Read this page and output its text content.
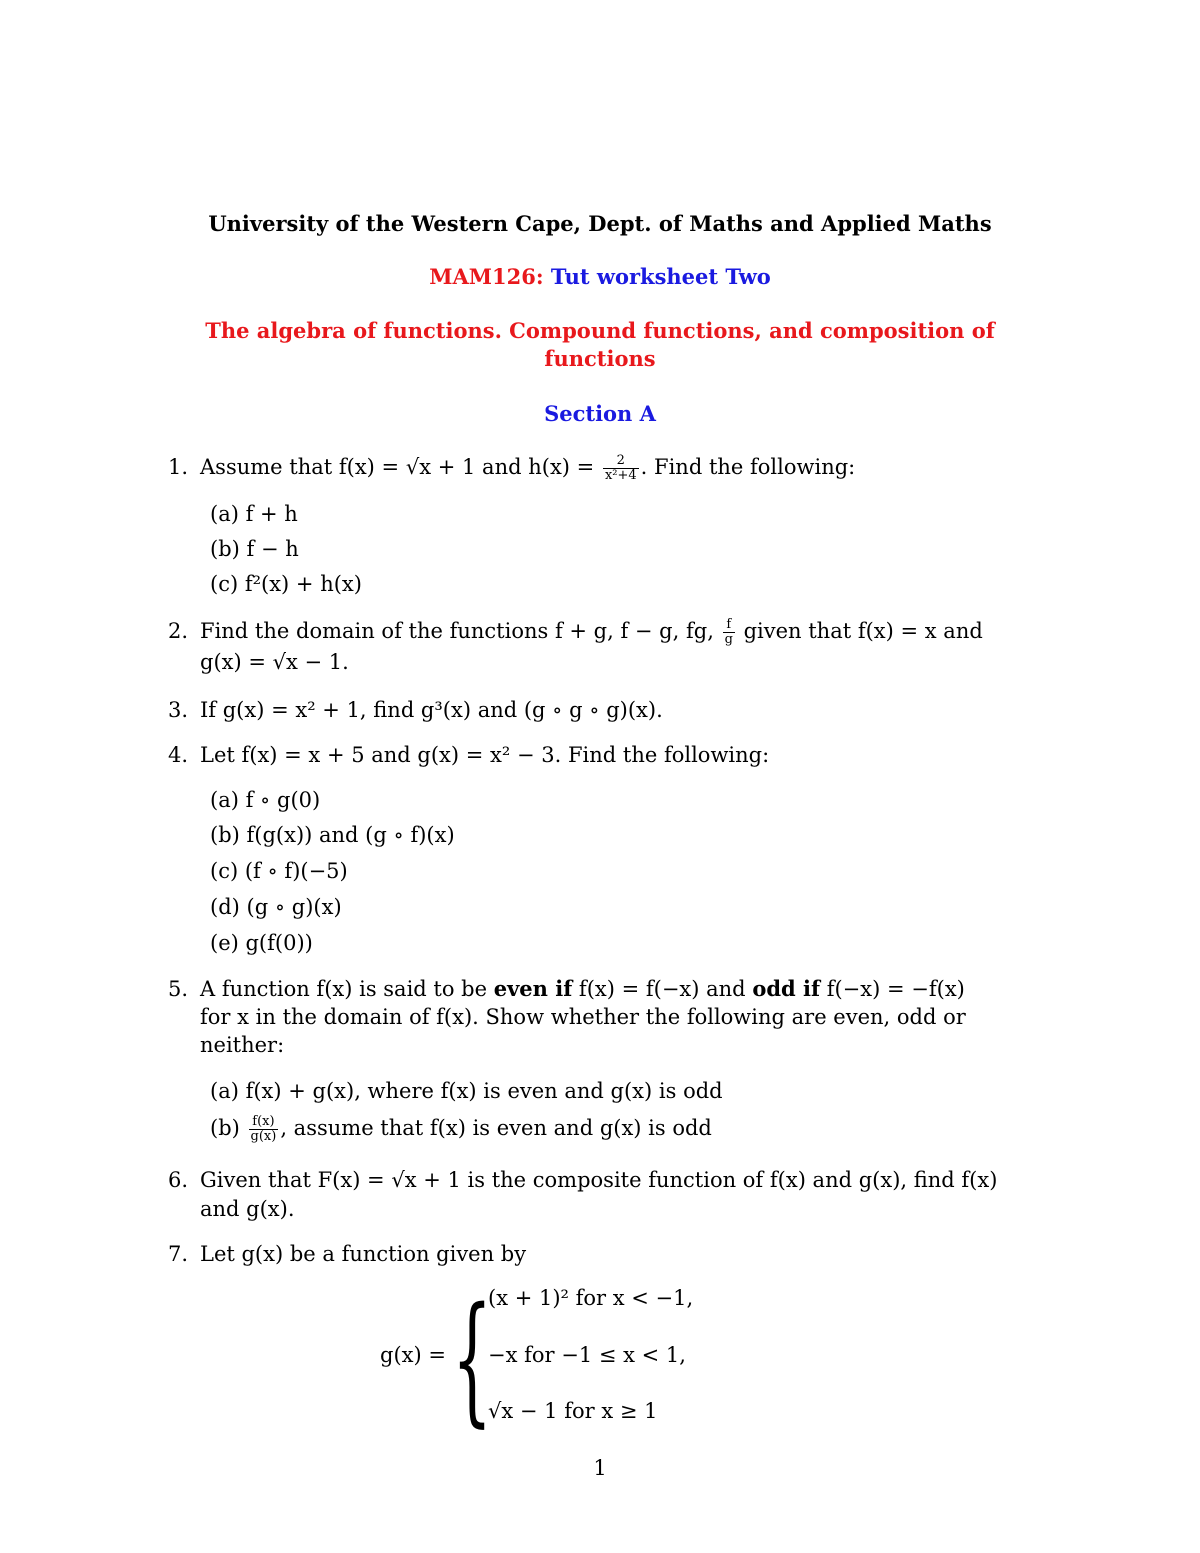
University of the Western Cape, Dept. of Maths and Applied Maths
MAM126: Tut worksheet Two
The algebra of functions. Compound functions, and composition of
functions
Section A
1. Assume that f(x) = √x + 1 and $h(x) = \frac{2}{\text{x²+4}}$ . Find the following:
(a) f + h
(b) f − h
(c) f²(x) + h(x)
2. Find the domain of the functions f + g, f − g, fg, $\frac{f}{g}$ given that f(x) = x and
g(x) = √x − 1.
3. If g(x) = x² + 1, find g³(x) and (g ∘ g ∘ g)(x).
4. Let f(x) = x + 5 and g(x) = x² − 3. Find the following:
(a) f ∘ g(0)
(b) f(g(x)) and (g ∘ f)(x)
(c) (f ∘ f)(−5)
(d) (g ∘ g)(x)
(e) g(f(0))
5. A function f(x) is said to be even if f(x) = f(−x) and odd if f(−x) = −f(x)
for x in the domain of f(x). Show whether the following are even, odd or
neither:
(a) f(x) + g(x), where f(x) is even and g(x) is odd
$(b) \frac{f(x)}{g(x)}$ , assume that f(x) is even and g(x) is odd
6. Given that F(x) = √x + 1 is the composite function of f(x) and g(x), find f(x)
and g(x).
7. Let g(x) be a function given by
g(x) = {
(x + 1)² for x < −1,
−x for −1 ≤ x < 1,
√x − 1 for x ≥ 1
1
